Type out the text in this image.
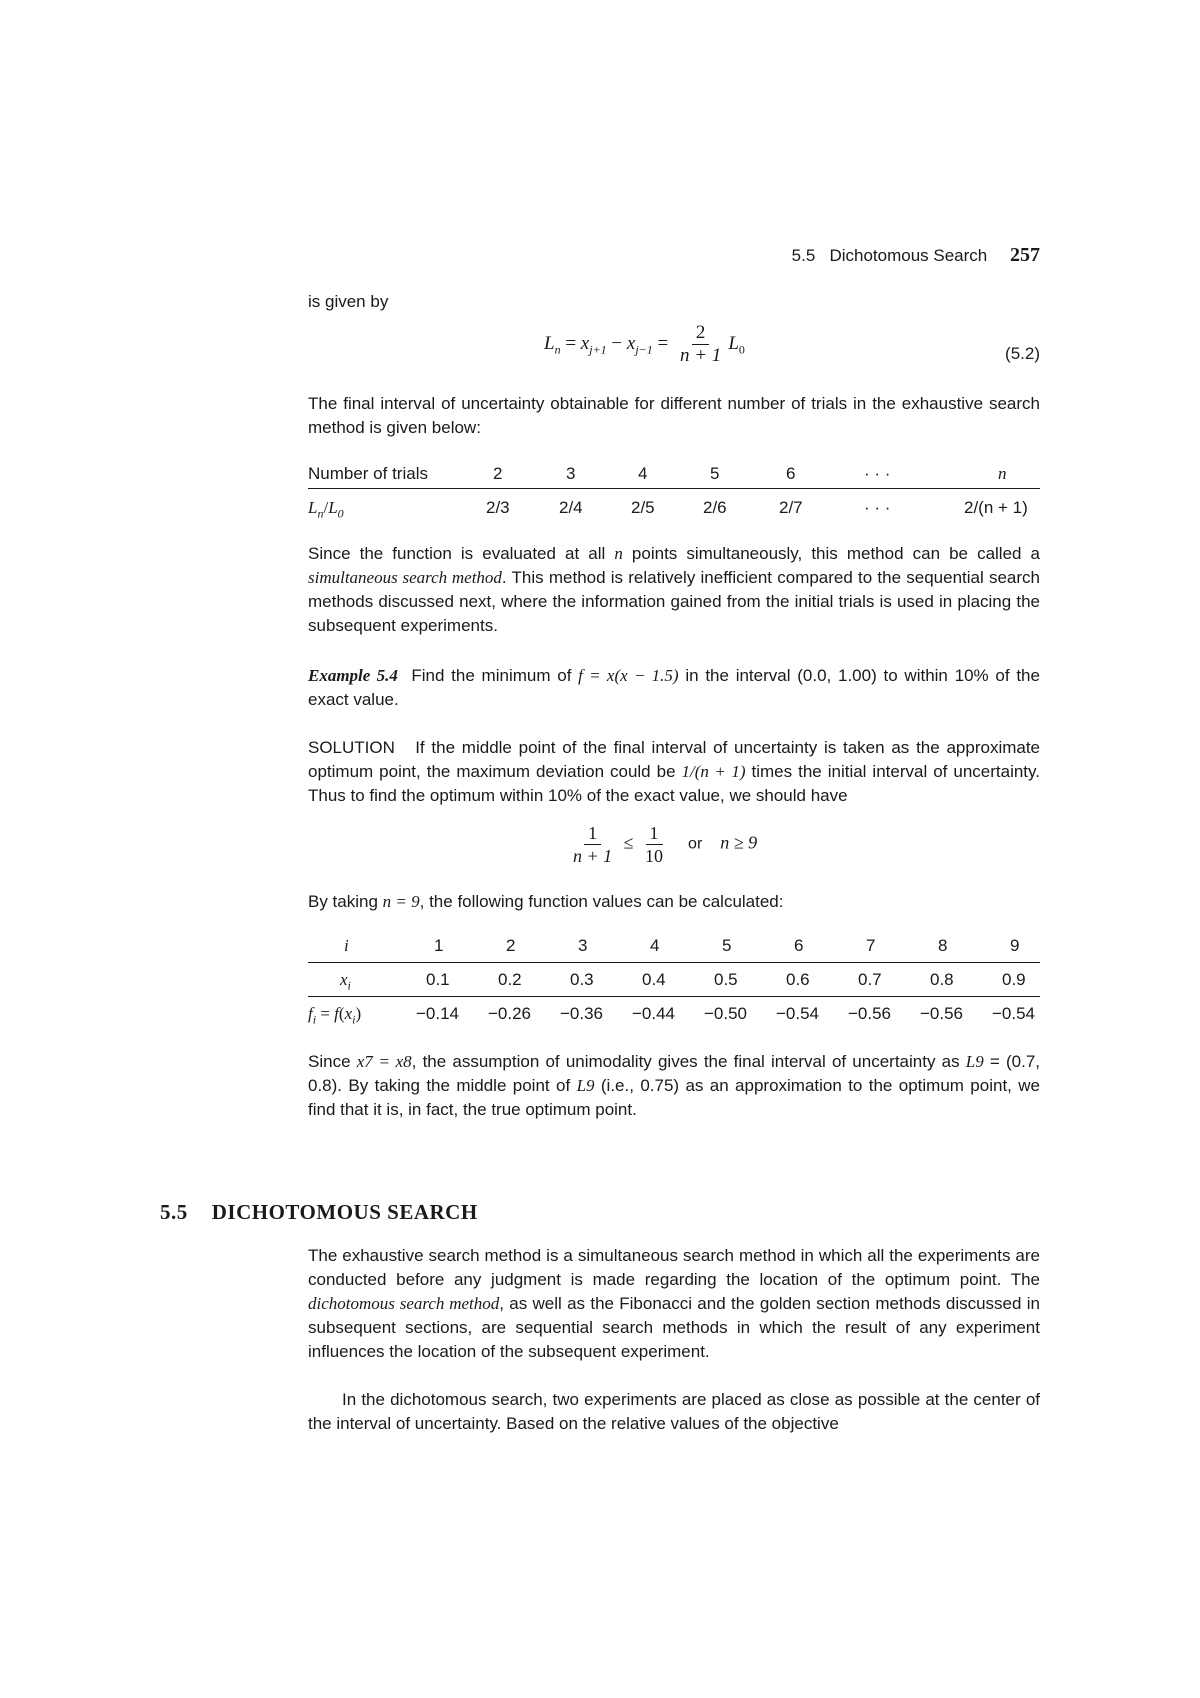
5.5 Dichotomous Search 257
is given by
$L_n = x_{j+1} - x_{j-1} = \frac{2}{n + 1} L_0$	(5.2)
The final interval of uncertainty obtainable for different number of trials in the exhaustive search method is given below:
Number of trials	2	3	4	5	6	· · ·	n
$L_n/L_0$	2/3	2/4	2/5	2/6	2/7	· · ·	2/(n + 1)
Since the function is evaluated at all n points simultaneously, this method can be called a simultaneous search method. This method is relatively inefficient compared to the sequential search methods discussed next, where the information gained from the initial trials is used in placing the subsequent experiments.
Example 5.4 Find the minimum of f = x(x − 1.5) in the interval (0.0, 1.00) to within 10% of the exact value.
SOLUTION If the middle point of the final interval of uncertainty is taken as the approximate optimum point, the maximum deviation could be 1/(n + 1) times the initial interval of uncertainty. Thus to find the optimum within 10% of the exact value, we should have
$\frac{1}{n + 1} \le \frac{1}{10}$ or n ≥ 9
By taking n = 9, the following function values can be calculated:
i	1	2	3	4	5	6	7	8	9
$x_i$	0.1	0.2	0.3	0.4	0.5	0.6	0.7	0.8	0.9
$f_i = f(x_i)$	−0.14 −0.26 −0.36 −0.44 −0.50 −0.54 −0.56 −0.56 −0.54
Since x7 = x8, the assumption of unimodality gives the final interval of uncertainty as L9 = (0.7, 0.8). By taking the middle point of L9 (i.e., 0.75) as an approximation to the optimum point, we find that it is, in fact, the true optimum point.
5.5 DICHOTOMOUS SEARCH
The exhaustive search method is a simultaneous search method in which all the experiments are conducted before any judgment is made regarding the location of the optimum point. The dichotomous search method, as well as the Fibonacci and the golden section methods discussed in subsequent sections, are sequential search methods in which the result of any experiment influences the location of the subsequent experiment.
In the dichotomous search, two experiments are placed as close as possible at the center of the interval of uncertainty. Based on the relative values of the objective
